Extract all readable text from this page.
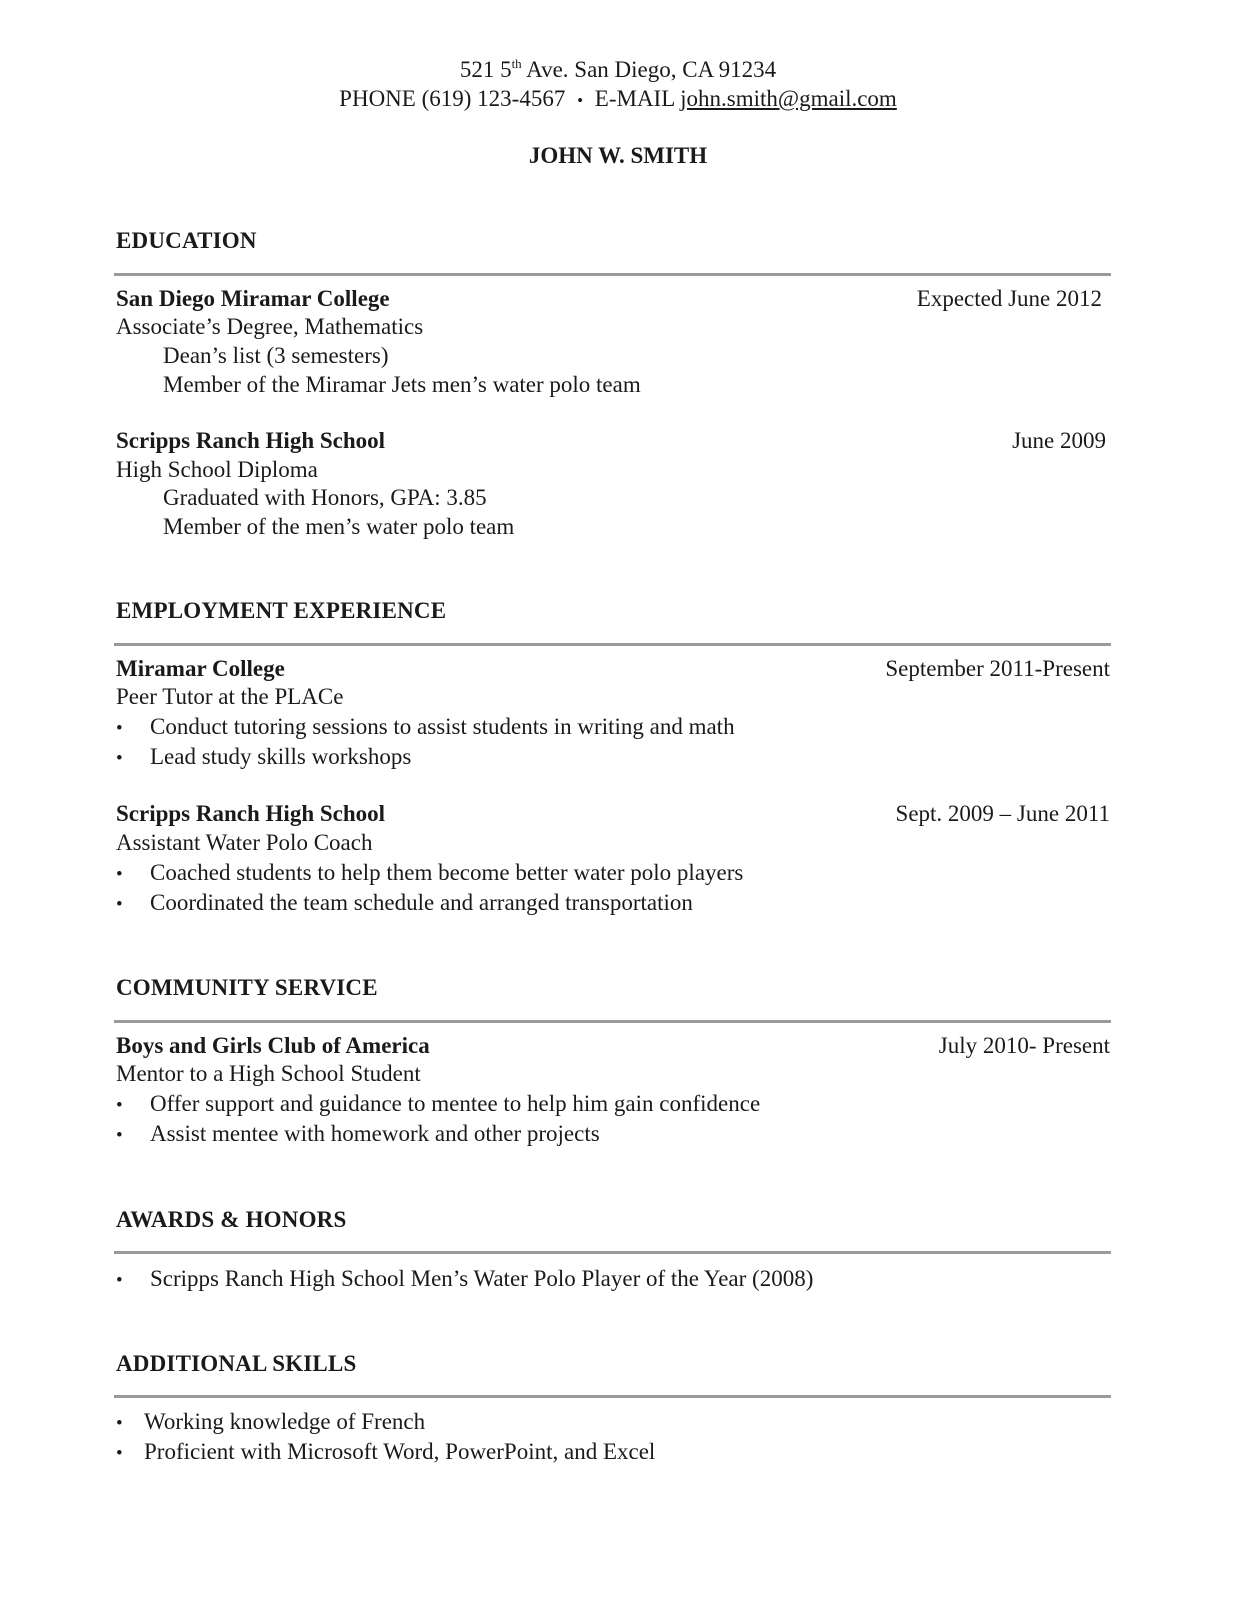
521 5th Ave. San Diego, CA 91234
PHONE (619) 123-4567 • E-MAIL john.smith@gmail.com
JOHN W. SMITH
EDUCATION
San Diego Miramar College	Expected June 2012
Associate’s Degree, Mathematics
Dean’s list (3 semesters)
Member of the Miramar Jets men’s water polo team
Scripps Ranch High School	June 2009
High School Diploma
Graduated with Honors, GPA: 3.85
Member of the men’s water polo team
EMPLOYMENT EXPERIENCE
Miramar College	September 2011-Present
Peer Tutor at the PLACe
• Conduct tutoring sessions to assist students in writing and math
• Lead study skills workshops
Scripps Ranch High School	Sept. 2009 – June 2011
Assistant Water Polo Coach
• Coached students to help them become better water polo players
• Coordinated the team schedule and arranged transportation
COMMUNITY SERVICE
Boys and Girls Club of America	July 2010- Present
Mentor to a High School Student
• Offer support and guidance to mentee to help him gain confidence
• Assist mentee with homework and other projects
AWARDS & HONORS
• Scripps Ranch High School Men’s Water Polo Player of the Year (2008)
ADDITIONAL SKILLS
• Working knowledge of French
• Proficient with Microsoft Word, PowerPoint, and Excel
